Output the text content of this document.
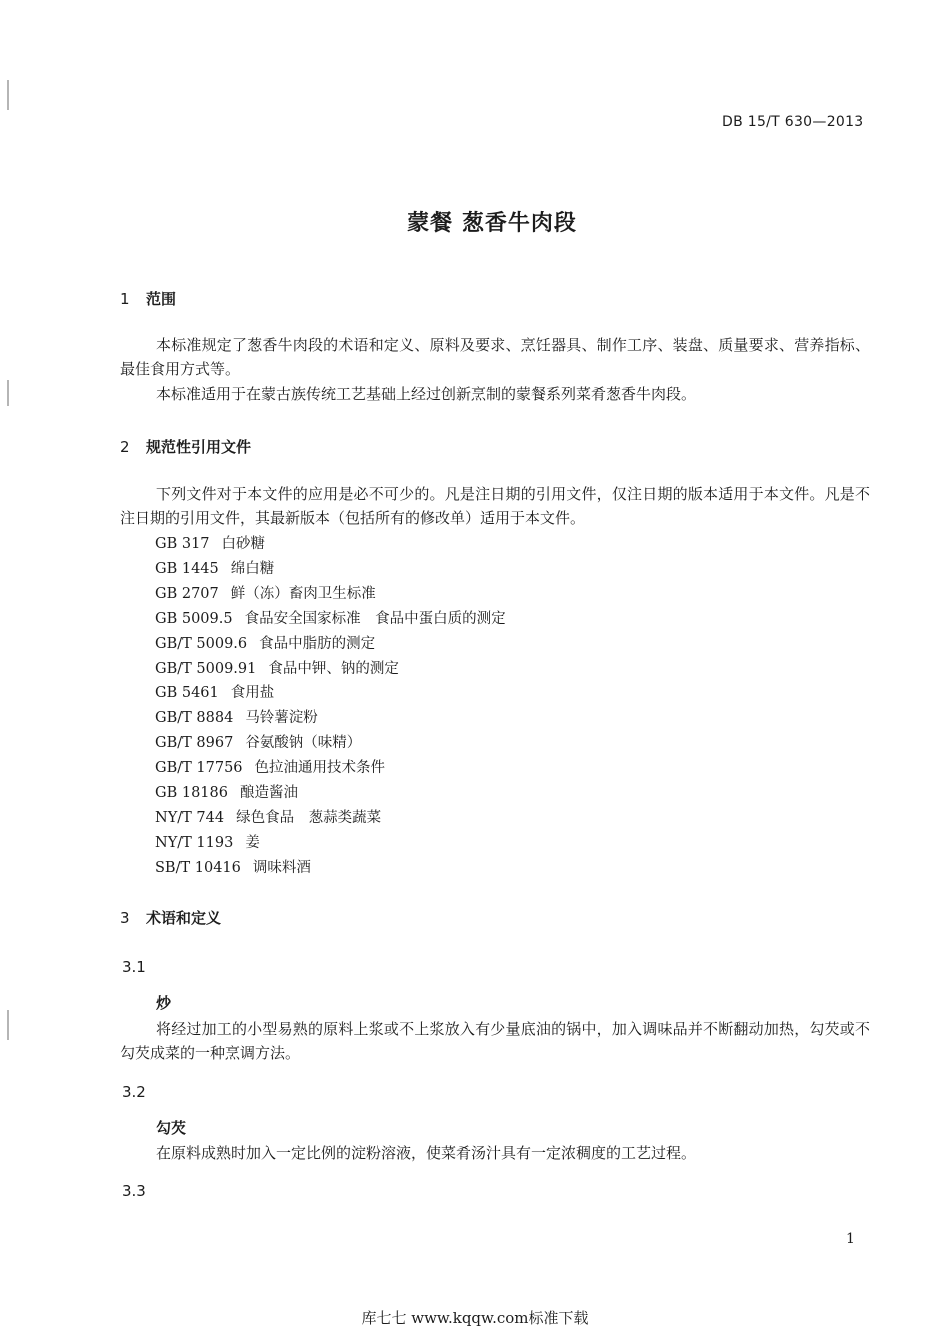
DB 15/T 630—2013
蒙餐 葱香牛肉段
1 范围
本标准规定了葱香牛肉段的术语和定义、原料及要求、烹饪器具、制作工序、装盘、质量要求、营养指标、最佳食用方式等。
本标准适用于在蒙古族传统工艺基础上经过创新烹制的蒙餐系列菜肴葱香牛肉段。
2 规范性引用文件
下列文件对于本文件的应用是必不可少的。凡是注日期的引用文件，仅注日期的版本适用于本文件。凡是不注日期的引用文件，其最新版本（包括所有的修改单）适用于本文件。
GB 317 白砂糖
GB 1445 绵白糖
GB 2707 鲜（冻）畜肉卫生标准
GB 5009.5 食品安全国家标准　食品中蛋白质的测定
GB/T 5009.6 食品中脂肪的测定
GB/T 5009.91 食品中钾、钠的测定
GB 5461 食用盐
GB/T 8884 马铃薯淀粉
GB/T 8967 谷氨酸钠（味精）
GB/T 17756 色拉油通用技术条件
GB 18186 酿造酱油
NY/T 744 绿色食品　葱蒜类蔬菜
NY/T 1193 姜
SB/T 10416 调味料酒
3 术语和定义
3.1
炒
将经过加工的小型易熟的原料上浆或不上浆放入有少量底油的锅中，加入调味品并不断翻动加热，勾芡或不勾芡成菜的一种烹调方法。
3.2
勾芡
在原料成熟时加入一定比例的淀粉溶液，使菜肴汤汁具有一定浓稠度的工艺过程。
3.3
1
库七七 www.kqqw.com标准下载
